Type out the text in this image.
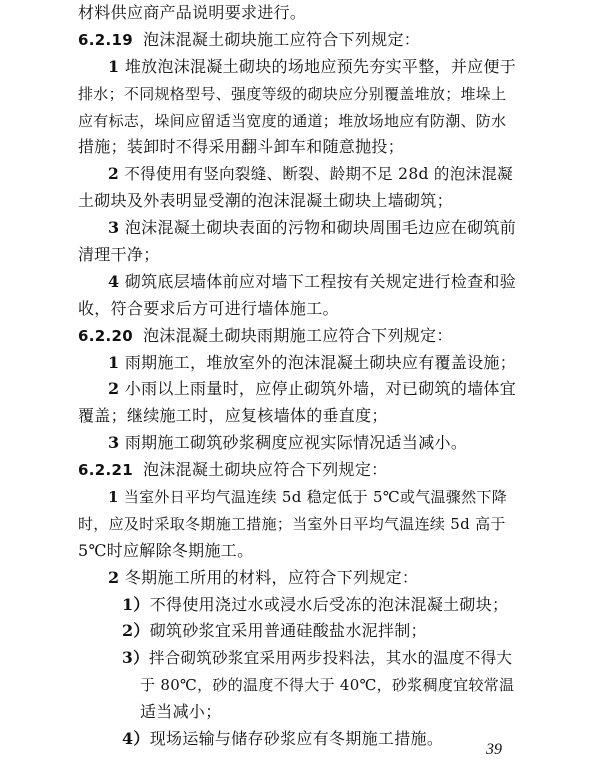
材料供应商产品说明要求进行。
6.2.19 泡沫混凝土砌块施工应符合下列规定：
1 堆放泡沫混凝土砌块的场地应预先夯实平整，并应便于
排水；不同规格型号、强度等级的砌块应分别覆盖堆放；堆垛上
应有标志，垛间应留适当宽度的通道；堆放场地应有防潮、防水
措施；装卸时不得采用翻斗卸车和随意抛投；
2 不得使用有竖向裂缝、断裂、龄期不足 28d 的泡沫混凝
土砌块及外表明显受潮的泡沫混凝土砌块上墙砌筑；
3 泡沫混凝土砌块表面的污物和砌块周围毛边应在砌筑前
清理干净；
4 砌筑底层墙体前应对墙下工程按有关规定进行检查和验
收，符合要求后方可进行墙体施工。
6.2.20 泡沫混凝土砌块雨期施工应符合下列规定：
1 雨期施工，堆放室外的泡沫混凝土砌块应有覆盖设施；
2 小雨以上雨量时，应停止砌筑外墙，对已砌筑的墙体宜
覆盖；继续施工时，应复核墙体的垂直度；
3 雨期施工砌筑砂浆稠度应视实际情况适当减小。
6.2.21 泡沫混凝土砌块应符合下列规定：
1 当室外日平均气温连续 5d 稳定低于 5℃或气温骤然下降
时，应及时采取冬期施工措施；当室外日平均气温连续 5d 高于
5℃时应解除冬期施工。
2 冬期施工所用的材料，应符合下列规定：
1）不得使用浇过水或浸水后受冻的泡沫混凝土砌块；
2）砌筑砂浆宜采用普通硅酸盐水泥拌制；
3）拌合砌筑砂浆宜采用两步投料法，其水的温度不得大
于 80℃，砂的温度不得大于 40℃，砂浆稠度宜较常温
适当减小；
4）现场运输与储存砂浆应有冬期施工措施。
39
